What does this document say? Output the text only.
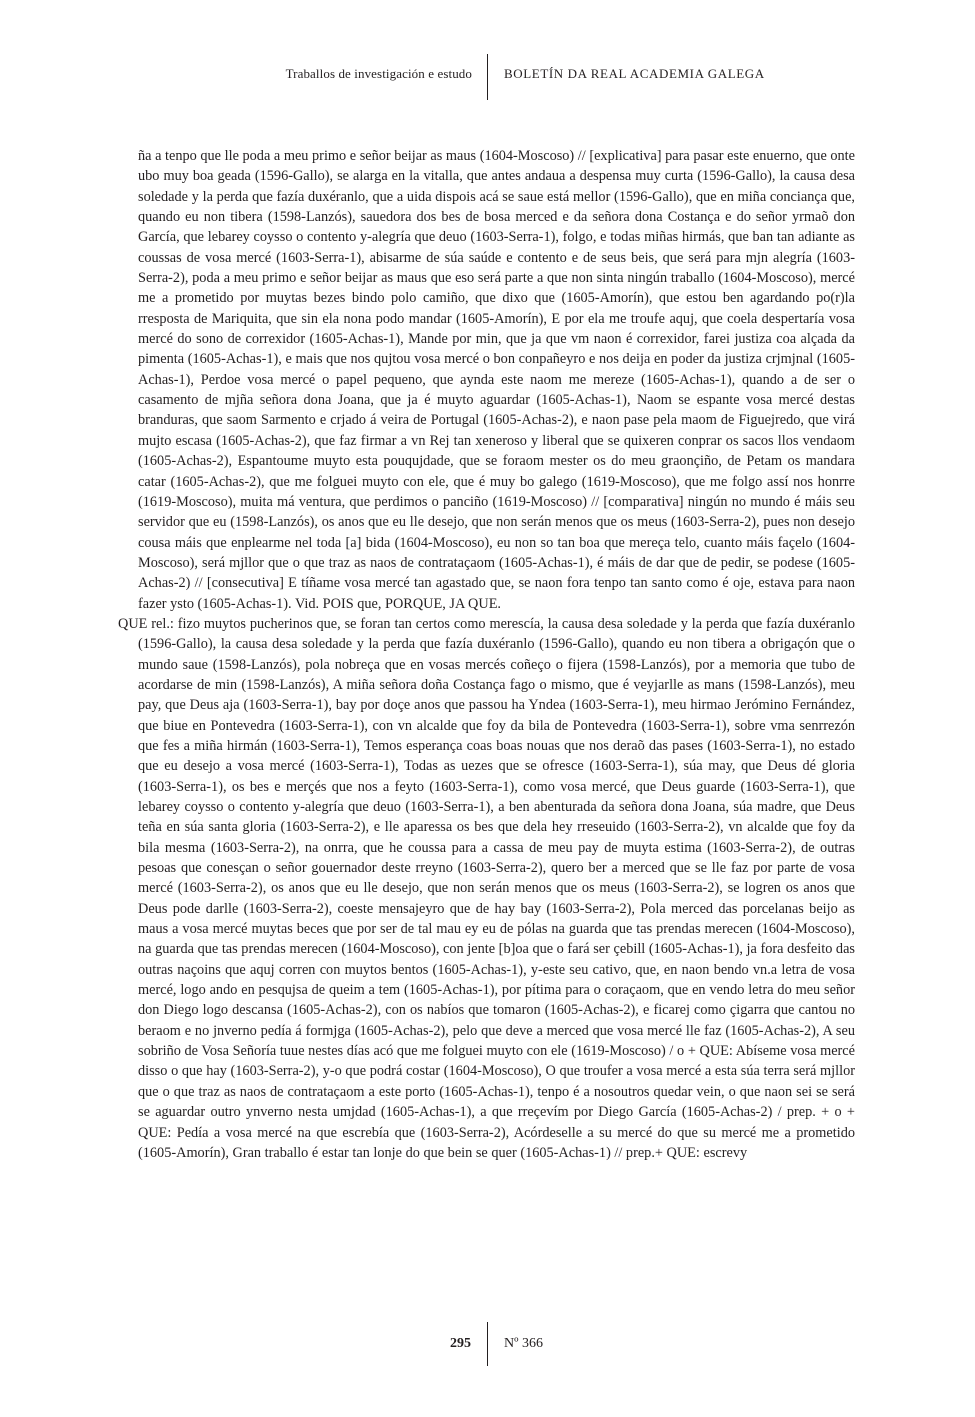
Traballos de investigación e estudo BOLETÍN DA REAL ACADEMIA GALEGA

ña a tenpo que lle poda a meu primo e señor beijar as maus (1604-Moscoso) // [explicativa] para pasar este enuerno, que onte ubo muy boa geada (1596-Gallo), se alarga en la vitalla, que antes andaua a despensa muy curta (1596-Gallo), la causa desa soledade y la perda que fazía duxéranlo, que a uida dispois acá se saue está mellor (1596-Gallo), que en miña conciança que, quando eu non tibera (1598-Lanzós), sauedora dos bes de bosa merced e da señora dona Costança e do señor yrmaõ don García, que lebarey coysso o contento y-alegría que deuo (1603-Serra-1), folgo, e todas miñas hirmás, que ban tan adiante as coussas de vosa mercé (1603-Serra-1), abisarme de súa saúde e contento e de seus beis, que será para mjn alegría (1603-Serra-2), poda a meu primo e señor beijar as maus que eso será parte a que non sinta ningún traballo (1604-Moscoso), mercé me a prometido por muytas bezes bindo polo camiño, que dixo que (1605-Amorín), que estou ben agardando po(r)la rresposta de Mariquita, que sin ela nona podo mandar (1605-Amorín), E por ela me troufe aquj, que coela despertaría vosa mercé do sono de correxidor (1605-Achas-1), Mande por min, que ja que vm naon é correxidor, farei justiza coa alçada da pimenta (1605-Achas-1), e mais que nos qujtou vosa mercé o bon conpañeyro e nos deija en poder da justiza crjmjnal (1605-Achas-1), Perdoe vosa mercé o papel pequeno, que aynda este naom me mereze (1605-Achas-1), quando a de ser o casamento de mjña señora dona Joana, que ja é muyto aguardar (1605-Achas-1), Naom se espante vosa mercé destas branduras, que saom Sarmento e crjado á veira de Portugal (1605-Achas-2), e naon pase pela maom de Figuejredo, que virá mujto escasa (1605-Achas-2), que faz firmar a vn Rej tan xeneroso y liberal que se quixeren conprar os sacos llos vendaom (1605-Achas-2), Espantoume muyto esta pouqujdade, que se foraom mester os do meu graonçiño, de Petam os mandara catar (1605-Achas-2), que me folguei muyto con ele, que é muy bo galego (1619-Moscoso), que me folgo assí nos honrre (1619-Moscoso), muita má ventura, que perdimos o panciño (1619-Moscoso) // [comparativa] ningún no mundo é máis seu servidor que eu (1598-Lanzós), os anos que eu lle desejo, que non serán menos que os meus (1603-Serra-2), pues non desejo cousa máis que enplearme nel toda [a] bida (1604-Moscoso), eu non so tan boa que mereça telo, cuanto máis façelo (1604-Moscoso), será mjllor que o que traz as naos de contrataçaom (1605-Achas-1), é máis de dar que de pedir, se podese (1605-Achas-2) // [consecutiva] E tíñame vosa mercé tan agastado que, se naon fora tenpo tan santo como é oje, estava para naon fazer ysto (1605-Achas-1). Vid. POIS que, PORQUE, JA QUE.

QUE rel.: fizo muytos pucherinos que, se foran tan certos como merescía, la causa desa soledade y la perda que fazía duxéranlo (1596-Gallo), la causa desa soledade y la perda que fazía duxéranlo (1596-Gallo), quando eu non tibera a obrigaçón que o mundo saue (1598-Lanzós), pola nobreça que en vosas mercés coñeço o fijera (1598-Lanzós), por a memoria que tubo de acordarse de min (1598-Lanzós), A miña señora doña Costança fago o mismo, que é veyjarlle as mans (1598-Lanzós), meu pay, que Deus aja (1603-Serra-1), bay por doçe anos que passou ha Yndea (1603-Serra-1), meu hirmao Jerómino Fernández, que biue en Pontevedra (1603-Serra-1), con vn alcalde que foy da bila de Pontevedra (1603-Serra-1), sobre vma senrrezón que fes a miña hirmán (1603-Serra-1), Temos esperança coas boas nouas que nos deraõ das pases (1603-Serra-1), no estado que eu desejo a vosa mercé (1603-Serra-1), Todas as uezes que se ofresce (1603-Serra-1), súa may, que Deus dé gloria (1603-Serra-1), os bes e merçés que nos a feyto (1603-Serra-1), como vosa mercé, que Deus guarde (1603-Serra-1), que lebarey coysso o contento y-alegría que deuo (1603-Serra-1), a ben abenturada da señora dona Joana, súa madre, que Deus teña en súa santa gloria (1603-Serra-2), e lle aparessa os bes que dela hey rreseuido (1603-Serra-2), vn alcalde que foy da bila mesma (1603-Serra-2), na onrra, que he coussa para a cassa de meu pay de muyta estima (1603-Serra-2), de outras pesoas que conesçan o señor gouernador deste rreyno (1603-Serra-2), quero ber a merced que se lle faz por parte de vosa mercé (1603-Serra-2), os anos que eu lle desejo, que non serán menos que os meus (1603-Serra-2), se logren os anos que Deus pode darlle (1603-Serra-2), coeste mensajeyro que de hay bay (1603-Serra-2), Pola merced das porcelanas beijo as maus a vosa mercé muytas beces que por ser de tal mau ey eu de pólas na guarda que tas prendas merecen (1604-Moscoso), na guarda que tas prendas merecen (1604-Moscoso), con jente [b]oa que o fará ser çebill (1605-Achas-1), ja fora desfeito das outras naçoins que aquj corren con muytos bentos (1605-Achas-1), y-este seu cativo, que, en naon bendo vn.a letra de vosa mercé, logo ando en pesqujsa de queim a tem (1605-Achas-1), por pítima para o coraçaom, que en vendo letra do meu señor don Diego logo descansa (1605-Achas-2), con os nabíos que tomaron (1605-Achas-2), e ficarej como çigarra que cantou no beraom e no jnverno pedía á formjga (1605-Achas-2), pelo que deve a merced que vosa mercé lle faz (1605-Achas-2), A seu sobriño de Vosa Señoría tuue nestes días acó que me folguei muyto con ele (1619-Moscoso) / o + QUE: Abíseme vosa mercé disso o que hay (1603-Serra-2), y-o que podrá costar (1604-Moscoso), O que troufer a vosa mercé a esta súa terra será mjllor que o que traz as naos de contrataçaom a este porto (1605-Achas-1), tenpo é a nosoutros quedar vein, o que naon sei se será se aguardar outro ynverno nesta umjdad (1605-Achas-1), a que rreçevím por Diego García (1605-Achas-2) / prep. + o + QUE: Pedía a vosa mercé na que escrebía que (1603-Serra-2), Acórdeselle a su mercé do que su mercé me a prometido (1605-Amorín), Gran traballo é estar tan lonje do que bein se quer (1605-Achas-1) // prep.+ QUE: escrevy

295 Nº 366
